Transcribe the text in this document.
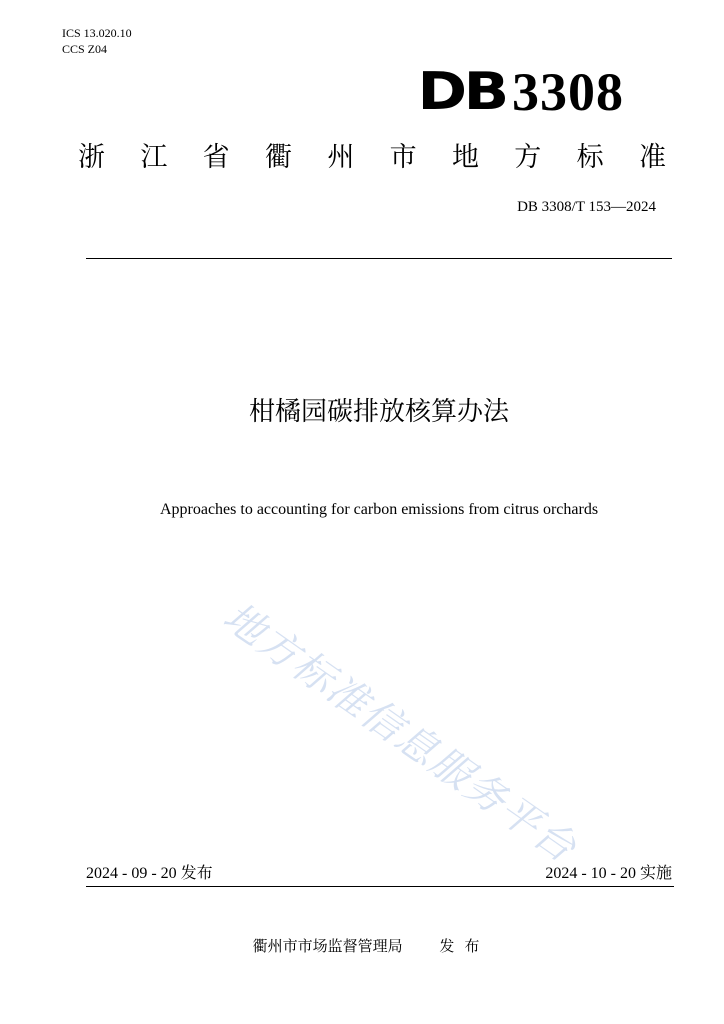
ICS 13.020.10
CCS Z04
DB 3308
浙 江 省 衢 州 市 地 方 标 准
DB 3308/T 153—2024
柑橘园碳排放核算办法
Approaches to accounting for carbon emissions from citrus orchards
地方标准信息服务平台
2024 - 09 - 20 发布	2024 - 10 - 20 实施
衢州市市场监督管理局 发布
